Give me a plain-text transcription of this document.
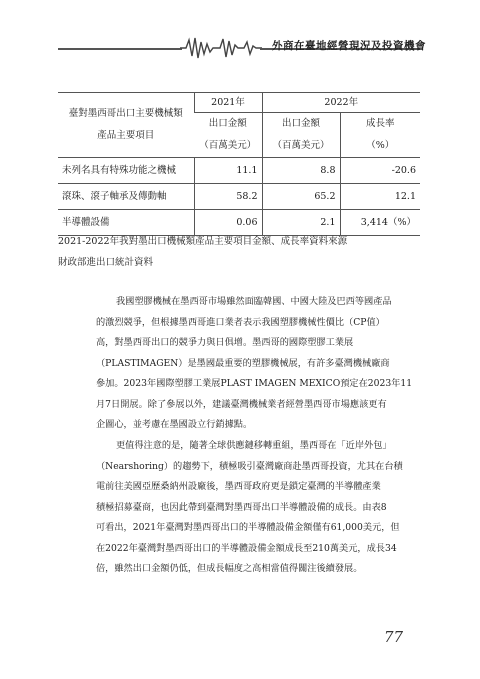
外商在臺地經營現況及投資機會
臺對墨西哥出口主要機械類
產品主要項目	2021年	2022年	
	出口金額	出口金額	成長率
	（百萬美元）	（百萬美元）	（%）
未列名具有特殊功能之機械	11.1	8.8	-20.6
滾珠、滾子軸承及傳動軸	58.2	65.2	12.1
半導體設備	0.06	2.1	3,414（%）
2021-2022年我對墨出口機械類產品主要項目金額、成長率資料來源
財政部進出口統計資料

我國塑膠機械在墨西哥市場雖然面臨韓國、中國大陸及巴西等國產品
的激烈競爭，但根據墨西哥進口業者表示我國塑膠機械性價比（CP值）
高，對墨西哥出口的競爭力與日俱增。墨西哥的國際塑膠工業展
（PLASTIMAGEN）是墨國最重要的塑膠機械展，有許多臺灣機械廠商
參加。2023年國際塑膠工業展PLAST IMAGEN MEXICO預定在2023年11
月7日開展。除了參展以外，建議臺灣機械業者經營墨西哥市場應該更有
企圖心，並考慮在墨國設立行銷據點。

更值得注意的是，隨著全球供應鏈移轉重組，墨西哥在「近岸外包」
（Nearshoring）的趨勢下，積極吸引臺灣廠商赴墨西哥投資，尤其在台積
電前往美國亞歷桑納州設廠後，墨西哥政府更是鎖定臺灣的半導體產業
積極招募臺商，也因此帶到臺灣對墨西哥出口半導體設備的成長。由表8
可看出，2021年臺灣對墨西哥出口的半導體設備金額僅有61,000美元，但
在2022年臺灣對墨西哥出口的半導體設備金額成長至210萬美元，成長34
倍，雖然出口金額仍低，但成長幅度之高相當值得關注後續發展。

77
